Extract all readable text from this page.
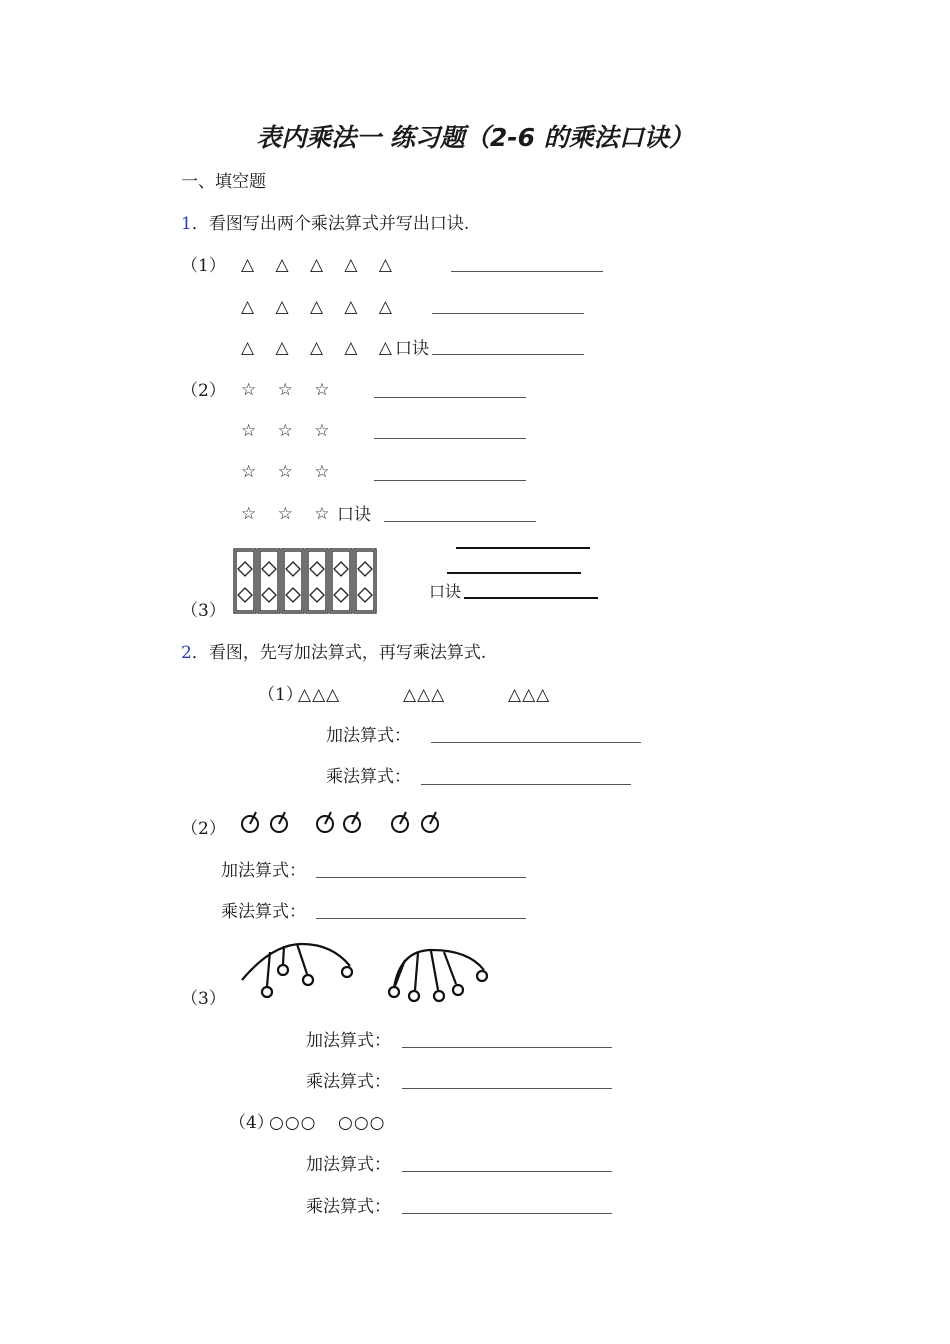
表内乘法一 练习题（2-6 的乘法口诀）
一、填空题
1．看图写出两个乘法算式并写出口诀.
（1） △ △ △ △ △
△ △ △ △ △
△ △ △ △ △
口诀
（2） ☆ ☆ ☆
☆ ☆ ☆
☆ ☆ ☆
☆ ☆ ☆ 口诀
（3）
口诀
2．看图，先写加法算式，再写乘法算式.
（1）
△△△	△△△	△△△
加法算式：
乘法算式：
（2）
加法算式：
乘法算式：
（3）
加法算式：
乘法算式：
（4）
○○○ ○○○
加法算式：
乘法算式：
